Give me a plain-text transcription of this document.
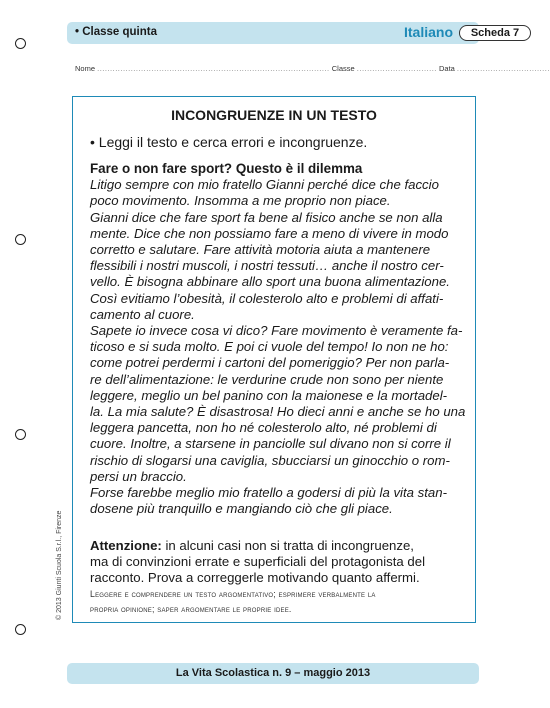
• Classe quinta	Italiano	Scheda 7
Nome .......................................................................................... Classe ............................... Data ....................................
INCONGRUENZE IN UN TESTO
• Leggi il testo e cerca errori e incongruenze.
Fare o non fare sport? Questo è il dilemma
Litigo sempre con mio fratello Gianni perché dice che faccio
poco movimento. Insomma a me proprio non piace.
Gianni dice che fare sport fa bene al fisico anche se non alla
mente. Dice che non possiamo fare a meno di vivere in modo
corretto e salutare. Fare attività motoria aiuta a mantenere
flessibili i nostri muscoli, i nostri tessuti… anche il nostro cer-
vello. È bisogna abbinare allo sport una buona alimentazione.
Così evitiamo l’obesità, il colesterolo alto e problemi di affati-
camento al cuore.
Sapete io invece cosa vi dico? Fare movimento è veramente fa-
ticoso e si suda molto. E poi ci vuole del tempo! Io non ne ho:
come potrei perdermi i cartoni del pomeriggio? Per non parla-
re dell’alimentazione: le verdurine crude non sono per niente
leggere, meglio un bel panino con la maionese e la mortadel-
la. La mia salute? È disastrosa! Ho dieci anni e anche se ho una
leggera pancetta, non ho né colesterolo alto, né problemi di
cuore. Inoltre, a starsene in panciolle sul divano non si corre il
rischio di slogarsi una caviglia, sbucciarsi un ginocchio o rom-
persi un braccio.
Forse farebbe meglio mio fratello a godersi di più la vita stan-
dosene più tranquillo e mangiando ciò che gli piace.
Attenzione: in alcuni casi non si tratta di incongruenze,
ma di convinzioni errate e superficiali del protagonista del
racconto. Prova a correggerle motivando quanto affermi.
Leggere e comprendere un testo argomentativo; esprimere verbalmente la
propria opinione; saper argomentare le proprie idee.
© 2013 Giunti Scuola S.r.l., Firenze
La Vita Scolastica n. 9 – maggio 2013
